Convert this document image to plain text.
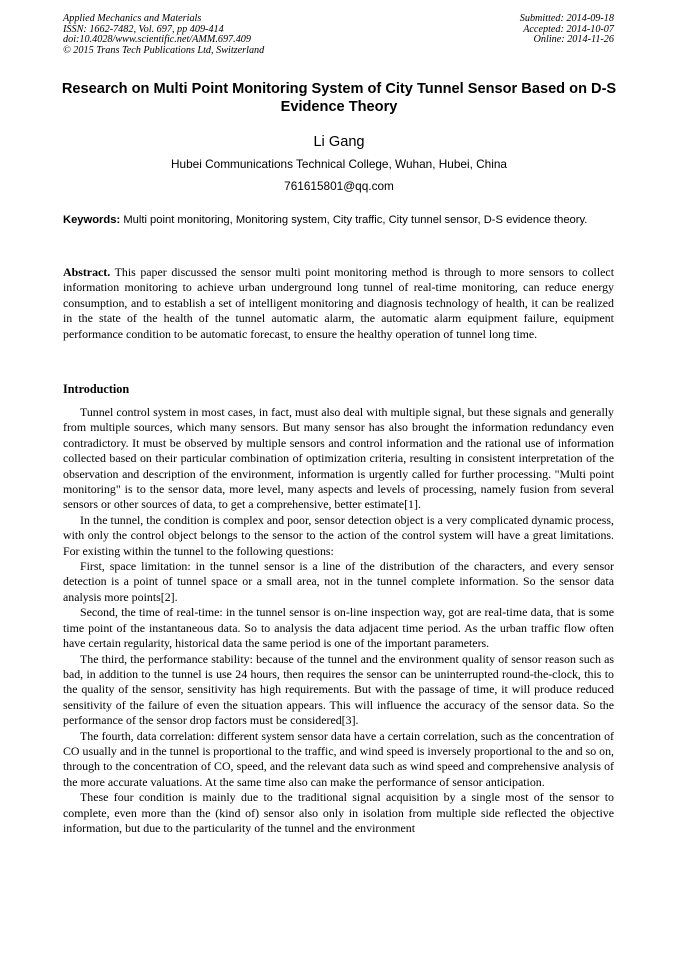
Applied Mechanics and Materials
ISSN: 1662-7482, Vol. 697, pp 409-414
doi:10.4028/www.scientific.net/AMM.697.409
© 2015 Trans Tech Publications Ltd, Switzerland
Submitted: 2014-09-18
Accepted: 2014-10-07
Online: 2014-11-26
Research on Multi Point Monitoring System of City Tunnel Sensor Based on D-S Evidence Theory
Li Gang
Hubei Communications Technical College, Wuhan, Hubei, China
761615801@qq.com
Keywords: Multi point monitoring, Monitoring system, City traffic, City tunnel sensor, D-S evidence theory.

Abstract. This paper discussed the sensor multi point monitoring method is through to more sensors to collect information monitoring to achieve urban underground long tunnel of real-time monitoring, can reduce energy consumption, and to establish a set of intelligent monitoring and diagnosis technology of health, it can be realized in the state of the health of the tunnel automatic alarm, the automatic alarm equipment failure, equipment performance condition to be automatic forecast, to ensure the healthy operation of tunnel long time.

Introduction

Tunnel control system in most cases, in fact, must also deal with multiple signal, but these signals and generally from multiple sources, which many sensors. But many sensor has also brought the information redundancy even contradictory. It must be observed by multiple sensors and control information and the rational use of information collected based on their particular combination of optimization criteria, resulting in consistent interpretation of the observation and description of the environment, information is urgently called for further processing. "Multi point monitoring" is to the sensor data, more level, many aspects and levels of processing, namely fusion from several sensors or other sources of data, to get a comprehensive, better estimate[1].

In the tunnel, the condition is complex and poor, sensor detection object is a very complicated dynamic process, with only the control object belongs to the sensor to the action of the control system will have a great limitations. For existing within the tunnel to the following questions:

First, space limitation: in the tunnel sensor is a line of the distribution of the characters, and every sensor detection is a point of tunnel space or a small area, not in the tunnel complete information. So the sensor data analysis more points[2].

Second, the time of real-time: in the tunnel sensor is on-line inspection way, got are real-time data, that is some time point of the instantaneous data. So to analysis the data adjacent time period. As the urban traffic flow often have certain regularity, historical data the same period is one of the important parameters.

The third, the performance stability: because of the tunnel and the environment quality of sensor reason such as bad, in addition to the tunnel is use 24 hours, then requires the sensor can be uninterrupted round-the-clock, this to the quality of the sensor, sensitivity has high requirements. But with the passage of time, it will produce reduced sensitivity of the failure of even the situation appears. This will influence the accuracy of the sensor data. So the performance of the sensor drop factors must be considered[3].

The fourth, data correlation: different system sensor data have a certain correlation, such as the concentration of CO usually and in the tunnel is proportional to the traffic, and wind speed is inversely proportional to the and so on, through to the concentration of CO, speed, and the relevant data such as wind speed and comprehensive analysis of the more accurate valuations. At the same time also can make the performance of sensor anticipation.

These four condition is mainly due to the traditional signal acquisition by a single most of the sensor to complete, even more than the (kind of) sensor also only in isolation from multiple side reflected the objective information, but due to the particularity of the tunnel and the environment
